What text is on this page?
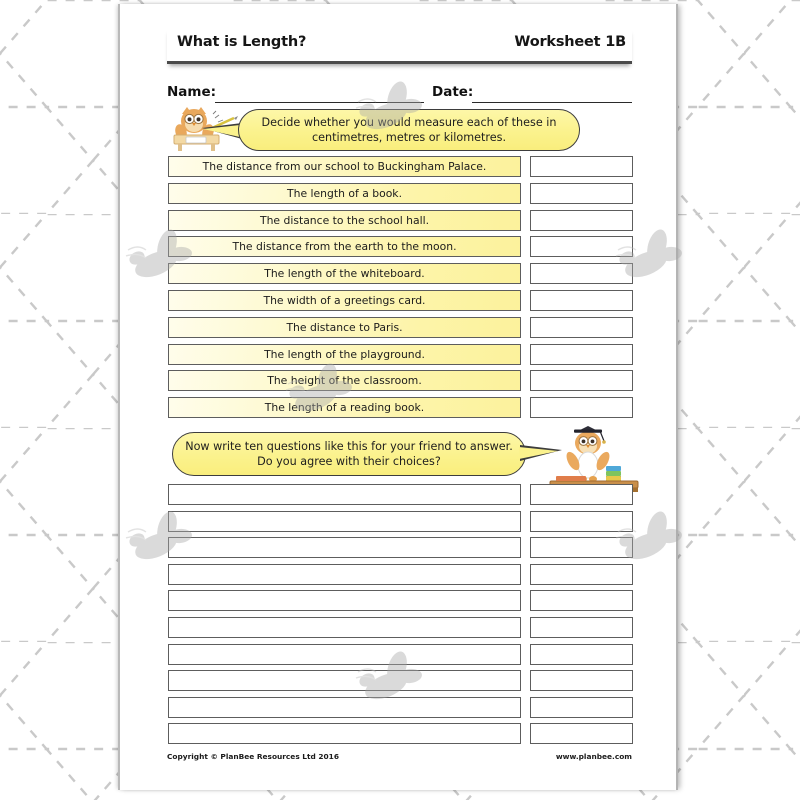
What is Length?	Worksheet 1B
Name:	Date:
Decide whether you would measure each of these in
centimetres, metres or kilometres.
The distance from our school to Buckingham Palace.
The length of a book.
The distance to the school hall.
The distance from the earth to the moon.
The length of the whiteboard.
The width of a greetings card.
The distance to Paris.
The length of the playground.
The height of the classroom.
The length of a reading book.
Now write ten questions like this for your friend to answer.
Do you agree with their choices?
Copyright © PlanBee Resources Ltd 2016	www.planbee.com
